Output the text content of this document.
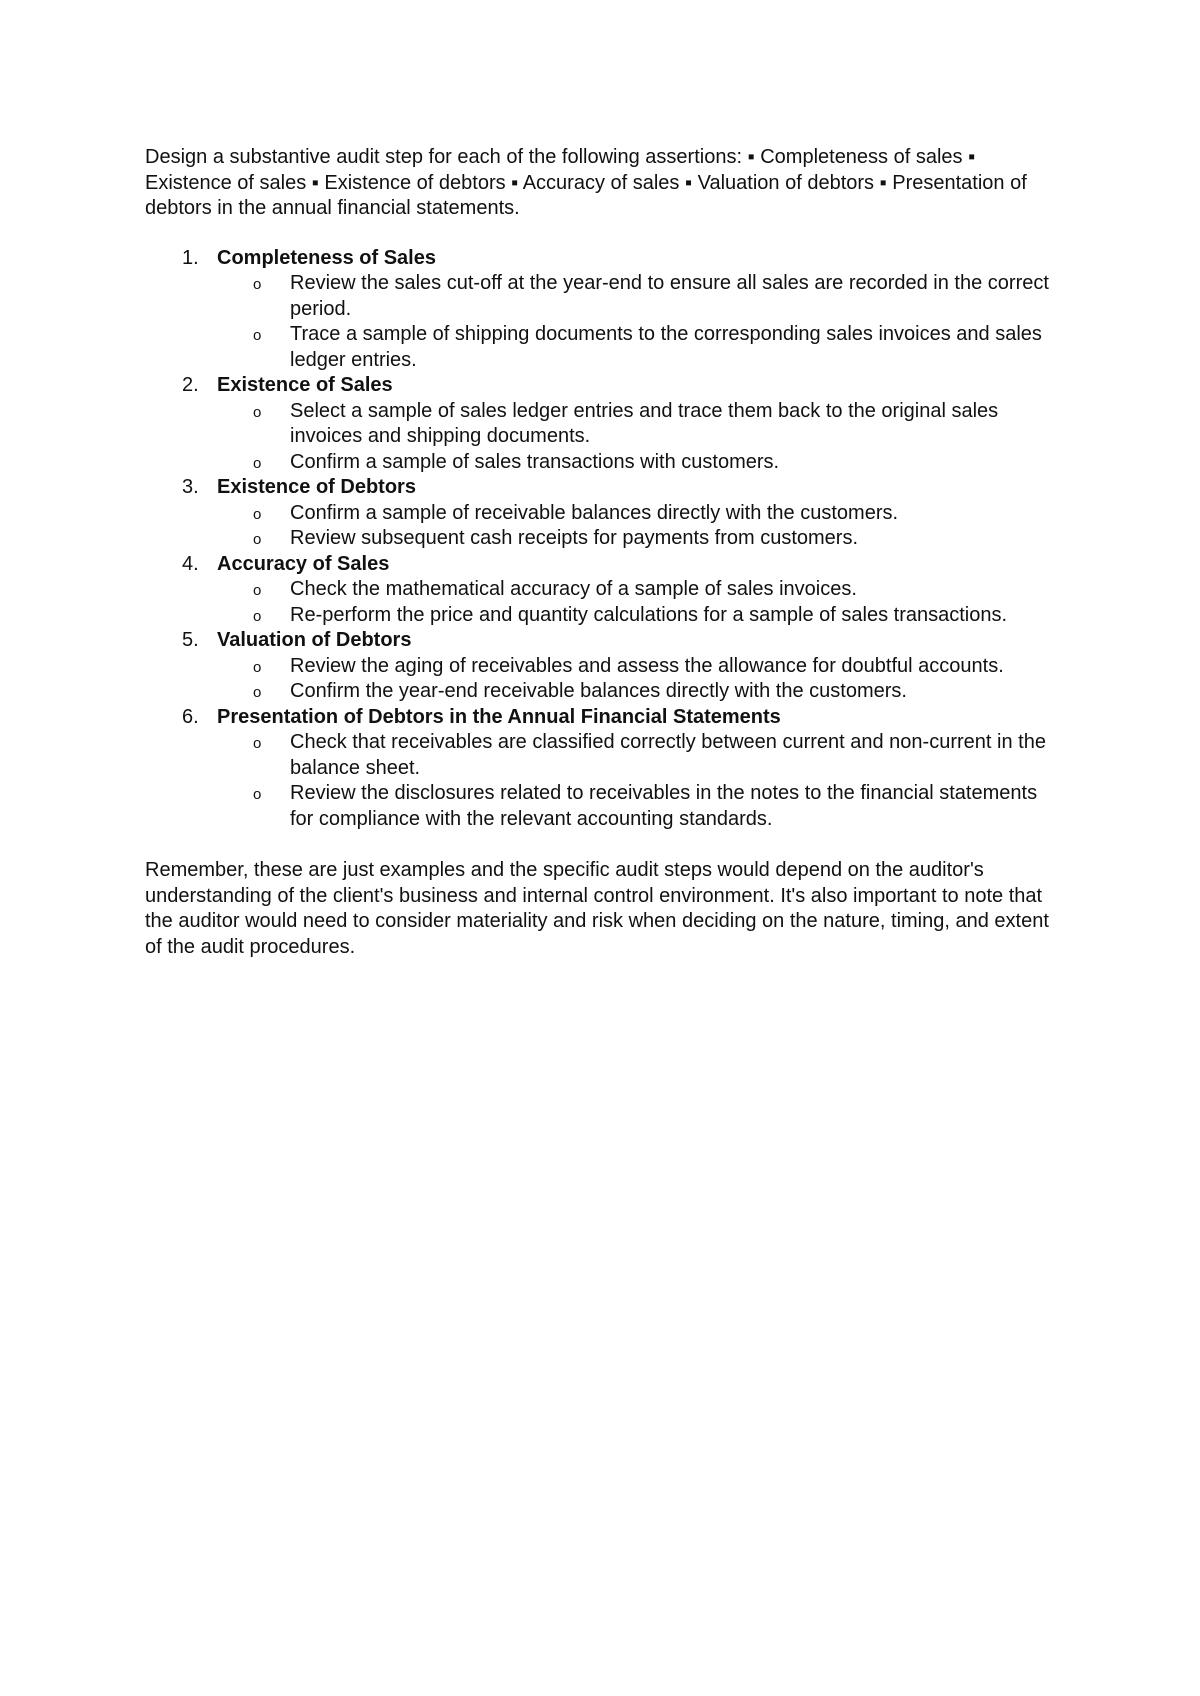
Design a substantive audit step for each of the following assertions: ▪ Completeness of sales ▪ Existence of sales ▪ Existence of debtors ▪ Accuracy of sales ▪ Valuation of debtors ▪ Presentation of debtors in the annual financial statements.

1. Completeness of Sales
o Review the sales cut-off at the year-end to ensure all sales are recorded in the correct period.
o Trace a sample of shipping documents to the corresponding sales invoices and sales ledger entries.
2. Existence of Sales
o Select a sample of sales ledger entries and trace them back to the original sales invoices and shipping documents.
o Confirm a sample of sales transactions with customers.
3. Existence of Debtors
o Confirm a sample of receivable balances directly with the customers.
o Review subsequent cash receipts for payments from customers.
4. Accuracy of Sales
o Check the mathematical accuracy of a sample of sales invoices.
o Re-perform the price and quantity calculations for a sample of sales transactions.
5. Valuation of Debtors
o Review the aging of receivables and assess the allowance for doubtful accounts.
o Confirm the year-end receivable balances directly with the customers.
6. Presentation of Debtors in the Annual Financial Statements
o Check that receivables are classified correctly between current and non-current in the balance sheet.
o Review the disclosures related to receivables in the notes to the financial statements for compliance with the relevant accounting standards.

Remember, these are just examples and the specific audit steps would depend on the auditor's understanding of the client's business and internal control environment. It's also important to note that the auditor would need to consider materiality and risk when deciding on the nature, timing, and extent of the audit procedures.
